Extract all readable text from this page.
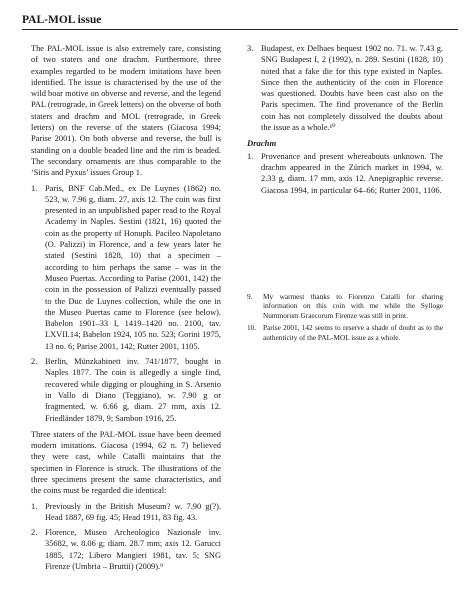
PAL-MOL issue

The PAL-MOL issue is also extremely rare, consisting of two staters and one drachm. Furthermore, three examples regarded to be modern imitations have been identified. The issue is characterised by the use of the wild boar motive on obverse and reverse, and the legend PAL (retrograde, in Greek letters) on the obverse of both staters and drachm and MOL (retrograde, in Greek letters) on the reverse of the staters (Giacosa 1994; Parise 2001). On both obverse and reverse, the bull is standing on a double beaded line and the rim is beaded. The secondary ornaments are thus comparable to the ‘Siris and Pyxus’ issues Group 1.

1. Paris, BNF Cab.Med., ex De Luynes (1862) no. 523, w. 7.96 g, diam. 27, axis 12. The coin was first presented in an unpublished paper read to the Royal Academy in Naples. Sestini (1821, 16) quoted the coin as the property of Honuph. Pacileo Napoletano (O. Palizzi) in Florence, and a few years later he stated (Sestini 1828, 10) that a specimen – according to him perhaps the same – was in the Museo Puertas. According to Parise (2001, 142) the coin in the possession of Palizzi eventually passed to the Duc de Luynes collection, while the one in the Museo Puertas came to Florence (see below). Babelon 1901–33 I, 1419–1420 no. 2100, tav. LXVII.14; Babelon 1924, 105 no. 523; Gorini 1975, 13 no. 6; Parise 2001, 142; Rutter 2001, 1105.
2. Berlin, Münzkabinett inv. 741/1877, bought in Naples 1877. The coin is allegedly a single find, recovered while digging or ploughing in S. Arsenio in Vallo di Diano (Teggiano), w. 7.90 g or fragmented, w. 6.66 g, diam. 27 mm, axis 12. Friedländer 1879, 9; Sambon 1916, 25.

Three staters of the PAL-MOL issue have been deemed modern imitations. Giacosa (1994, 62 n. 7) believed they were cast, while Catalli maintains that the specimen in Florence is struck. The illustrations of the three specimens present the same characteristics, and the coins must be regarded die identical:

1. Previously in the British Museum? w. 7.90 g(?). Head 1887, 69 fig. 45; Head 1911, 83 fig. 43.
2. Florence, Museo Archeologico Nazionale inv. 35682, w. 8.06 g; diam. 28.7 mm; axis 12. Garucci 1885, 172; Libero Mangieri 1981, tav. 5; SNG Firenze (Umbria – Bruttii) (2009).⁹
3. Budapest, ex Delhaes bequest 1902 no. 71. w. 7.43 g. SNG Budapest I, 2 (1992), n. 289. Sestini (1828, 10) noted that a fake die for this type existed in Naples. Since then the authenticity of the coin in Florence was questioned. Doubts have been cast also on the Paris specimen. The find provenance of the Berlin coin has not completely dissolved the doubts about the issue as a whole.¹⁰
Drachm
1. Provenance and present whereabouts unknown. The drachm appeared in the Zürich market in 1994, w. 2.33 g, diam. 17 mm, axis 12. Anepigraphic reverse. Giacosa 1994, in particular 64–66; Rutter 2001, 1106.
9. My warmest thanks to Fiorenzo Catalli for sharing information on this coin with me while the Sylloge Nummorum Graecorum Firenze was still in print.
10. Parise 2001, 142 seems to reserve a shade of doubt as to the authenticity of the PAL-MOL issue as a whole.
